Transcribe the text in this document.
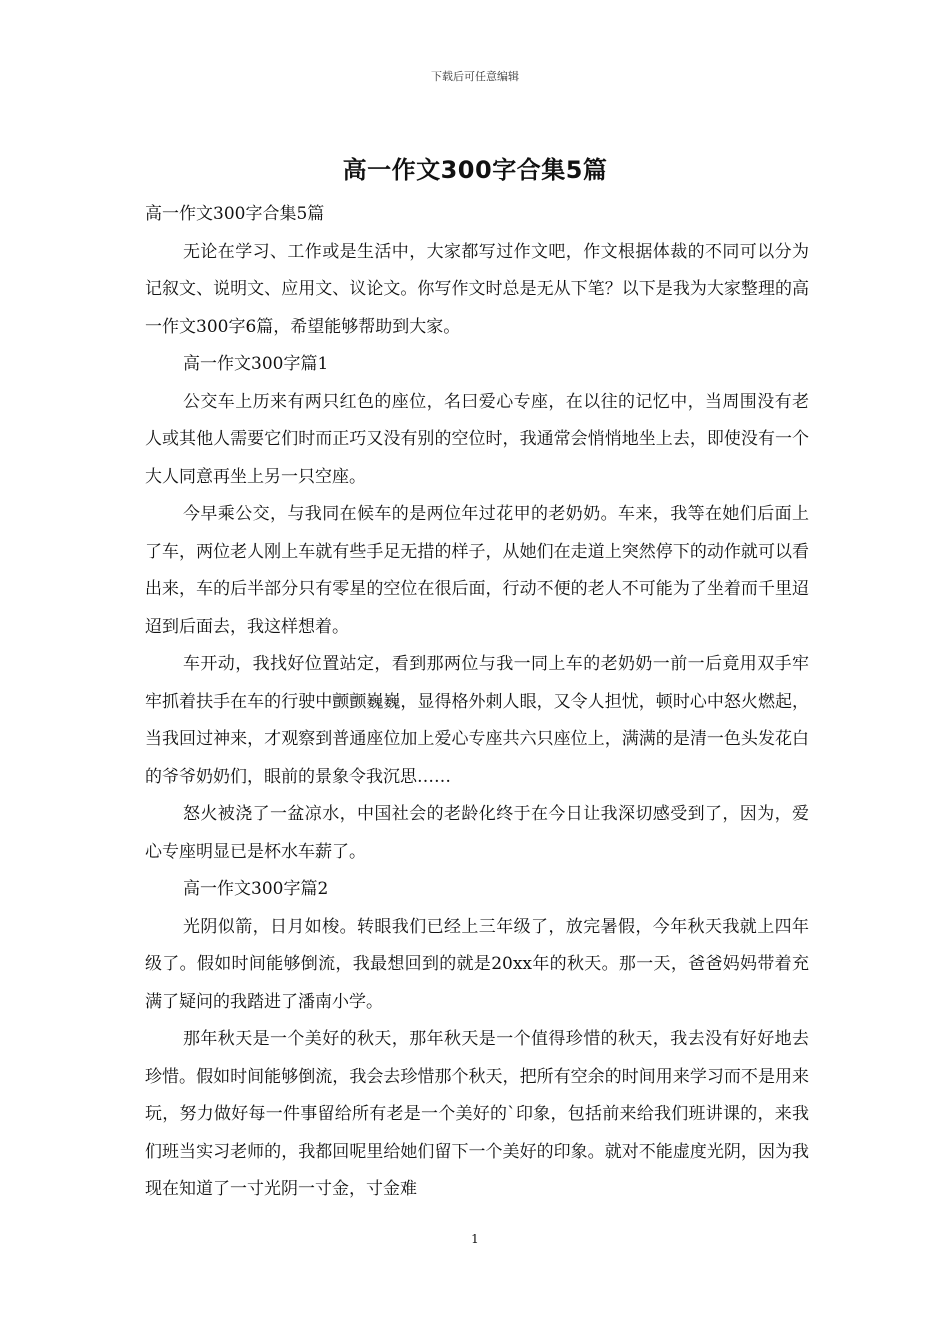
下载后可任意编辑
高一作文300字合集5篇

高一作文300字合集5篇

无论在学习、工作或是生活中，大家都写过作文吧，作文根据体裁的不同可以分为记叙文、说明文、应用文、议论文。你写作文时总是无从下笔？以下是我为大家整理的高一作文300字6篇，希望能够帮助到大家。

高一作文300字篇1

公交车上历来有两只红色的座位，名曰爱心专座，在以往的记忆中，当周围没有老人或其他人需要它们时而正巧又没有别的空位时，我通常会悄悄地坐上去，即使没有一个大人同意再坐上另一只空座。

今早乘公交，与我同在候车的是两位年过花甲的老奶奶。车来，我等在她们后面上了车，两位老人刚上车就有些手足无措的样子，从她们在走道上突然停下的动作就可以看出来，车的后半部分只有零星的空位在很后面，行动不便的老人不可能为了坐着而千里迢迢到后面去，我这样想着。

车开动，我找好位置站定，看到那两位与我一同上车的老奶奶一前一后竟用双手牢牢抓着扶手在车的行驶中颤颤巍巍，显得格外刺人眼，又令人担忧，顿时心中怒火燃起，当我回过神来，才观察到普通座位加上爱心专座共六只座位上，满满的是清一色头发花白的爷爷奶奶们，眼前的景象令我沉思……

怒火被浇了一盆凉水，中国社会的老龄化终于在今日让我深切感受到了，因为，爱心专座明显已是杯水车薪了。

高一作文300字篇2

光阴似箭，日月如梭。转眼我们已经上三年级了，放完暑假，今年秋天我就上四年级了。假如时间能够倒流，我最想回到的就是20xx年的秋天。那一天，爸爸妈妈带着充满了疑问的我踏进了潘南小学。

那年秋天是一个美好的秋天，那年秋天是一个值得珍惜的秋天，我去没有好好地去珍惜。假如时间能够倒流，我会去珍惜那个秋天，把所有空余的时间用来学习而不是用来玩，努力做好每一件事留给所有老是一个美好的`印象，包括前来给我们班讲课的，来我们班当实习老师的，我都回呢里给她们留下一个美好的印象。就对不能虚度光阴，因为我现在知道了一寸光阴一寸金，寸金难

1
